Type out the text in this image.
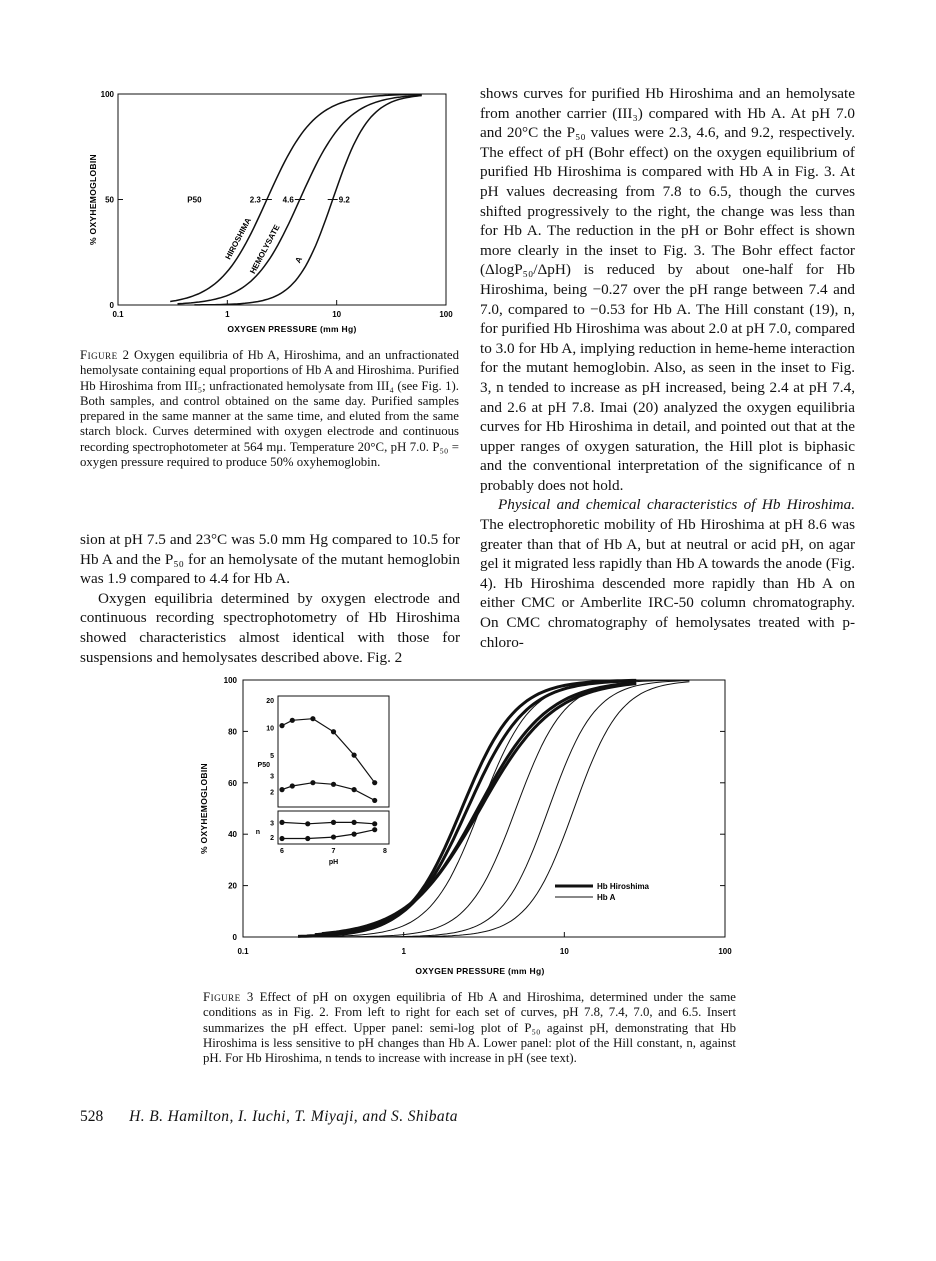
0.1	1	10	100
0
50
100
OXYGEN PRESSURE (mm Hg)
% OXYHEMOGLOBIN	P50	2.3
HIROSHIMA
4.6
HEMOLYSATE
9.2
A
Figure 2 Oxygen equilibria of Hb A, Hiroshima, and an unfractionated hemolysate containing equal proportions of Hb A and Hiroshima. Purified Hb Hiroshima from III₅; unfractionated hemolysate from III₄ (see Fig. 1). Both samples, and control obtained on the same day. Purified samples prepared in the same manner at the same time, and eluted from the same starch block. Curves determined with oxygen electrode and continuous recording spectrophotometer at 564 mμ. Temperature 20°C, pH 7.0. P₅₀ = oxygen pressure required to produce 50% oxyhemoglobin.

sion at pH 7.5 and 23°C was 5.0 mm Hg compared to 10.5 for Hb A and the P₅₀ for an hemolysate of the mutant hemoglobin was 1.9 compared to 4.4 for Hb A.

Oxygen equilibria determined by oxygen electrode and continuous recording spectrophotometry of Hb Hiroshima showed characteristics almost identical with those for suspensions and hemolysates described above. Fig. 2

shows curves for purified Hb Hiroshima and an hemolysate from another carrier (III₃) compared with Hb A. At pH 7.0 and 20°C the P₅₀ values were 2.3, 4.6, and 9.2, respectively. The effect of pH (Bohr effect) on the oxygen equilibrium of purified Hb Hiroshima is compared with Hb A in Fig. 3. At pH values decreasing from 7.8 to 6.5, though the curves shifted progressively to the right, the change was less than for Hb A. The reduction in the pH or Bohr effect is shown more clearly in the inset to Fig. 3. The Bohr effect factor (ΔlogP₅₀/ΔpH) is reduced by about one-half for Hb Hiroshima, being −0.27 over the pH range between 7.4 and 7.0, compared to −0.53 for Hb A. The Hill constant (19), n, for purified Hb Hiroshima was about 2.0 at pH 7.0, compared to 3.0 for Hb A, implying reduction in heme-heme interaction for the mutant hemoglobin. Also, as seen in the inset to Fig. 3, n tended to increase as pH increased, being 2.4 at pH 7.4, and 2.6 at pH 7.8. Imai (20) analyzed the oxygen equilibria curves for Hb Hiroshima in detail, and pointed out that at the upper ranges of oxygen saturation, the Hill plot is biphasic and the conventional interpretation of the significance of n probably does not hold.

Physical and chemical characteristics of Hb Hiroshima. The electrophoretic mobility of Hb Hiroshima at pH 8.6 was greater than that of Hb A, but at neutral or acid pH, on agar gel it migrated less rapidly than Hb A towards the anode (Fig. 4). Hb Hiroshima descended more rapidly than Hb A on either CMC or Amberlite IRC-50 column chromatography. On CMC chromatography of hemolysates treated with p-chloro-

0.1	1	10	100
0
20
40
60
80
100
OXYGEN PRESSURE (mm Hg)
% OXYHEMOGLOBIN
Hb Hiroshima
Hb A
2
3
5
10
20
P50
2
3
n
6	7	8
pH
Figure 3 Effect of pH on oxygen equilibria of Hb A and Hiroshima, determined under the same conditions as in Fig. 2. From left to right for each set of curves, pH 7.8, 7.4, 7.0, and 6.5. Insert summarizes the pH effect. Upper panel: semi-log plot of P₅₀ against pH, demonstrating that Hb Hiroshima is less sensitive to pH changes than Hb A. Lower panel: plot of the Hill constant, n, against pH. For Hb Hiroshima, n tends to increase with increase in pH (see text).
528 H. B. Hamilton, I. Iuchi, T. Miyaji, and S. Shibata
